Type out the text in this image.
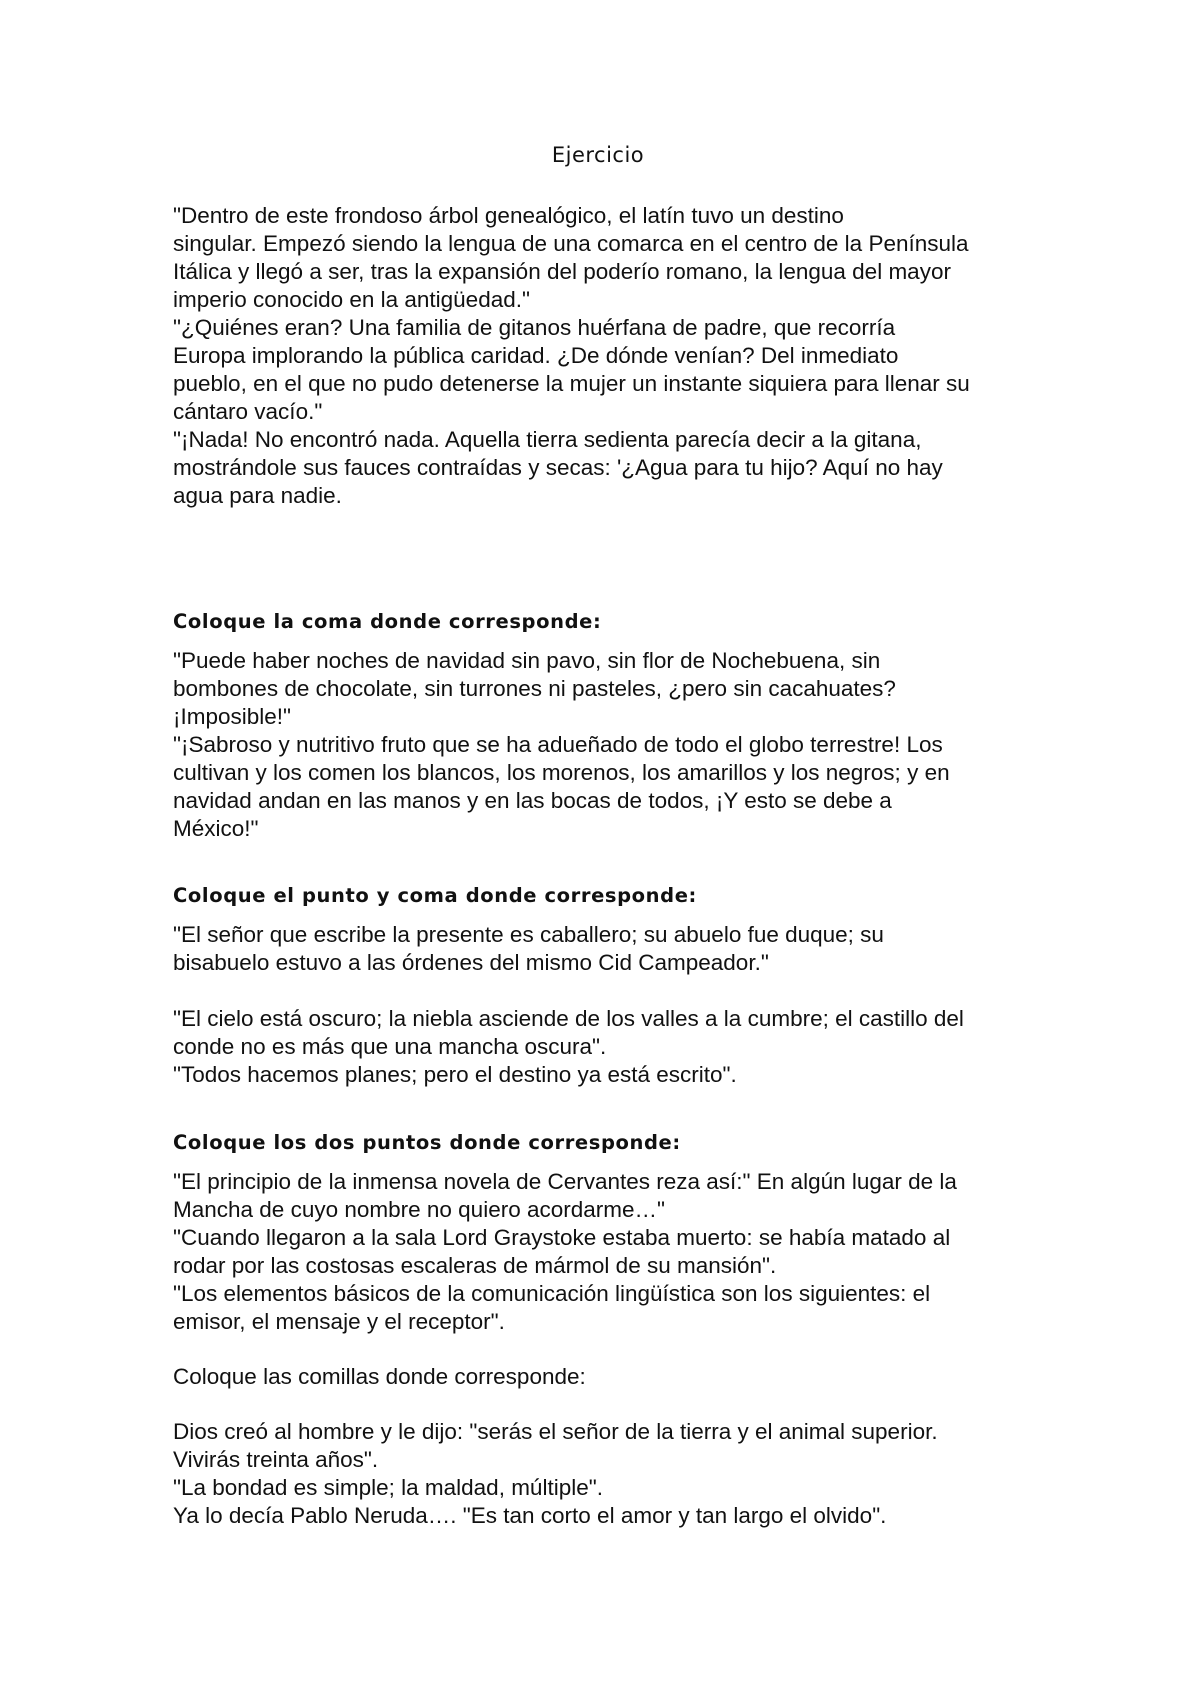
Ejercicio

"Dentro de este frondoso árbol genealógico, el latín tuvo un destino

singular. Empezó siendo la lengua de una comarca en el centro de la Península

Itálica y llegó a ser, tras la expansión del poderío romano, la lengua del mayor

imperio conocido en la antigüedad."

"¿Quiénes eran? Una familia de gitanos huérfana de padre, que recorría

Europa implorando la pública caridad. ¿De dónde venían? Del inmediato

pueblo, en el que no pudo detenerse la mujer un instante siquiera para llenar su

cántaro vacío."

"¡Nada! No encontró nada. Aquella tierra sedienta parecía decir a la gitana,

mostrándole sus fauces contraídas y secas: '¿Agua para tu hijo? Aquí no hay

agua para nadie.

Coloque la coma donde corresponde:

"Puede haber noches de navidad sin pavo, sin flor de Nochebuena, sin

bombones de chocolate, sin turrones ni pasteles, ¿pero sin cacahuates?

¡Imposible!"

"¡Sabroso y nutritivo fruto que se ha adueñado de todo el globo terrestre! Los

cultivan y los comen los blancos, los morenos, los amarillos y los negros; y en

navidad andan en las manos y en las bocas de todos, ¡Y esto se debe a

México!"

Coloque el punto y coma donde corresponde:

"El señor que escribe la presente es caballero; su abuelo fue duque; su

bisabuelo estuvo a las órdenes del mismo Cid Campeador."

"El cielo está oscuro; la niebla asciende de los valles a la cumbre; el castillo del

conde no es más que una mancha oscura".

"Todos hacemos planes; pero el destino ya está escrito".

Coloque los dos puntos donde corresponde:

"El principio de la inmensa novela de Cervantes reza así:" En algún lugar de la

Mancha de cuyo nombre no quiero acordarme…"

"Cuando llegaron a la sala Lord Graystoke estaba muerto: se había matado al

rodar por las costosas escaleras de mármol de su mansión".

"Los elementos básicos de la comunicación lingüística son los siguientes: el

emisor, el mensaje y el receptor".

Coloque las comillas donde corresponde:

Dios creó al hombre y le dijo: "serás el señor de la tierra y el animal superior.

Vivirás treinta años".

"La bondad es simple; la maldad, múltiple".

Ya lo decía Pablo Neruda…. "Es tan corto el amor y tan largo el olvido".
